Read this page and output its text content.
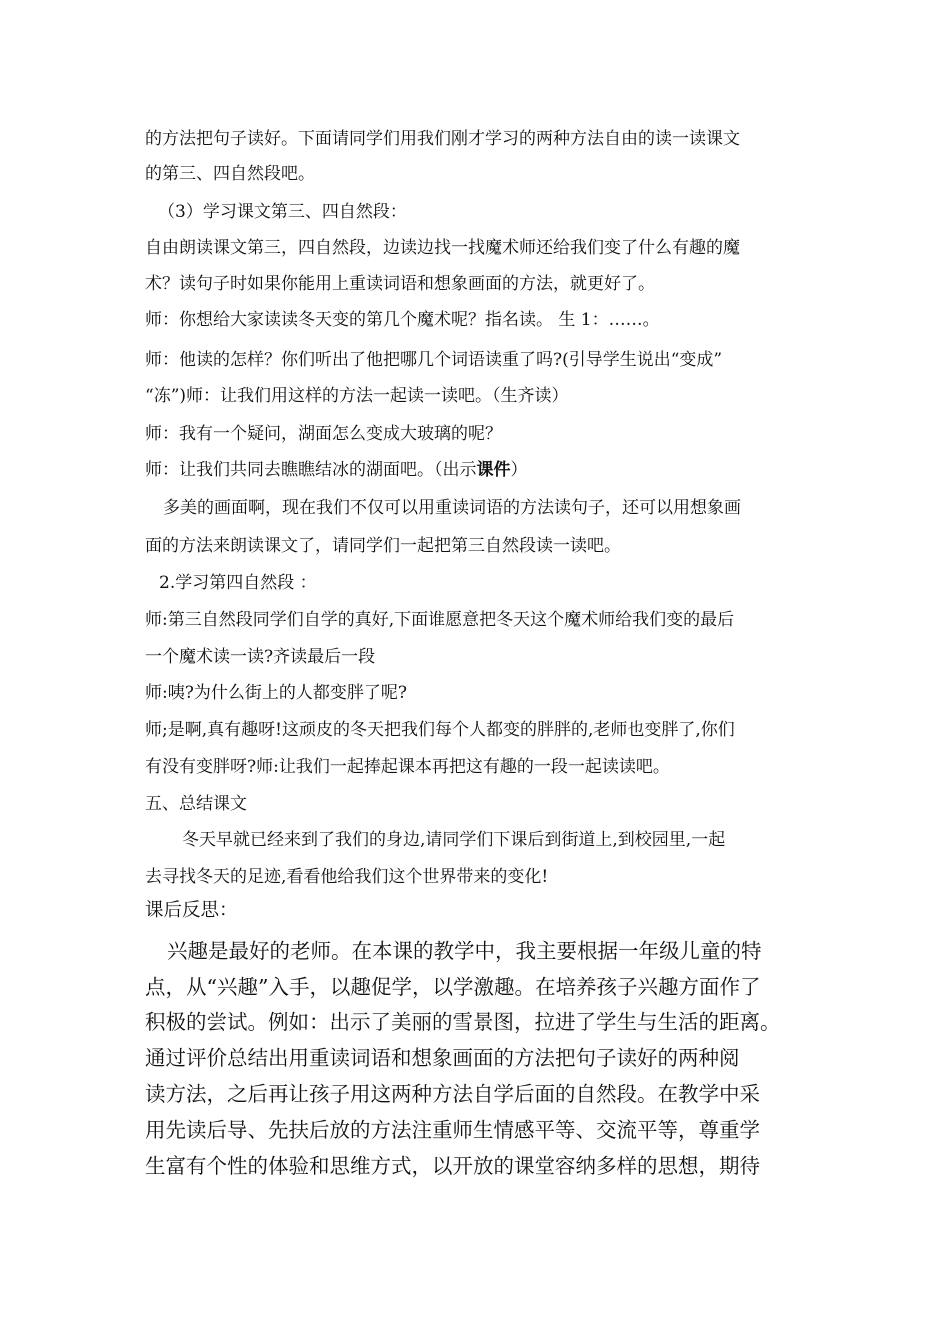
的方法把句子读好。下面请同学们用我们刚才学习的两种方法自由的读一读课文
的第三、四自然段吧。
（3）学习课文第三、四自然段：
自由朗读课文第三，四自然段，边读边找一找魔术师还给我们变了什么有趣的魔
术？读句子时如果你能用上重读词语和想象画面的方法，就更好了。
师：你想给大家读读冬天变的第几个魔术呢？指名读。 生 1：……。
师：他读的怎样？你们听出了他把哪几个词语读重了吗?(引导学生说出“变成”
“冻”)师：让我们用这样的方法一起读一读吧。（生齐读）
师：我有一个疑问，湖面怎么变成大玻璃的呢？
师：让我们共同去瞧瞧结冰的湖面吧。（出示课件）
多美的画面啊，现在我们不仅可以用重读词语的方法读句子，还可以用想象画
面的方法来朗读课文了，请同学们一起把第三自然段读一读吧。
2.学习第四自然段 ：
师:第三自然段同学们自学的真好,下面谁愿意把冬天这个魔术师给我们变的最后
一个魔术读一读?齐读最后一段
师:咦?为什么街上的人都变胖了呢?
师;是啊,真有趣呀!这顽皮的冬天把我们每个人都变的胖胖的,老师也变胖了,你们
有没有变胖呀?师:让我们一起捧起课本再把这有趣的一段一起读读吧。
五、总结课文
冬天早就已经来到了我们的身边,请同学们下课后到街道上,到校园里,一起
去寻找冬天的足迹,看看他给我们这个世界带来的变化!
课后反思：
兴趣是最好的老师。在本课的教学中，我主要根据一年级儿童的特
点，从“兴趣”入手，以趣促学，以学激趣。在培养孩子兴趣方面作了
积极的尝试。例如：出示了美丽的雪景图，拉进了学生与生活的距离。
通过评价总结出用重读词语和想象画面的方法把句子读好的两种阅
读方法，之后再让孩子用这两种方法自学后面的自然段。在教学中采
用先读后导、先扶后放的方法注重师生情感平等、交流平等，尊重学
生富有个性的体验和思维方式，以开放的课堂容纳多样的思想，期待
